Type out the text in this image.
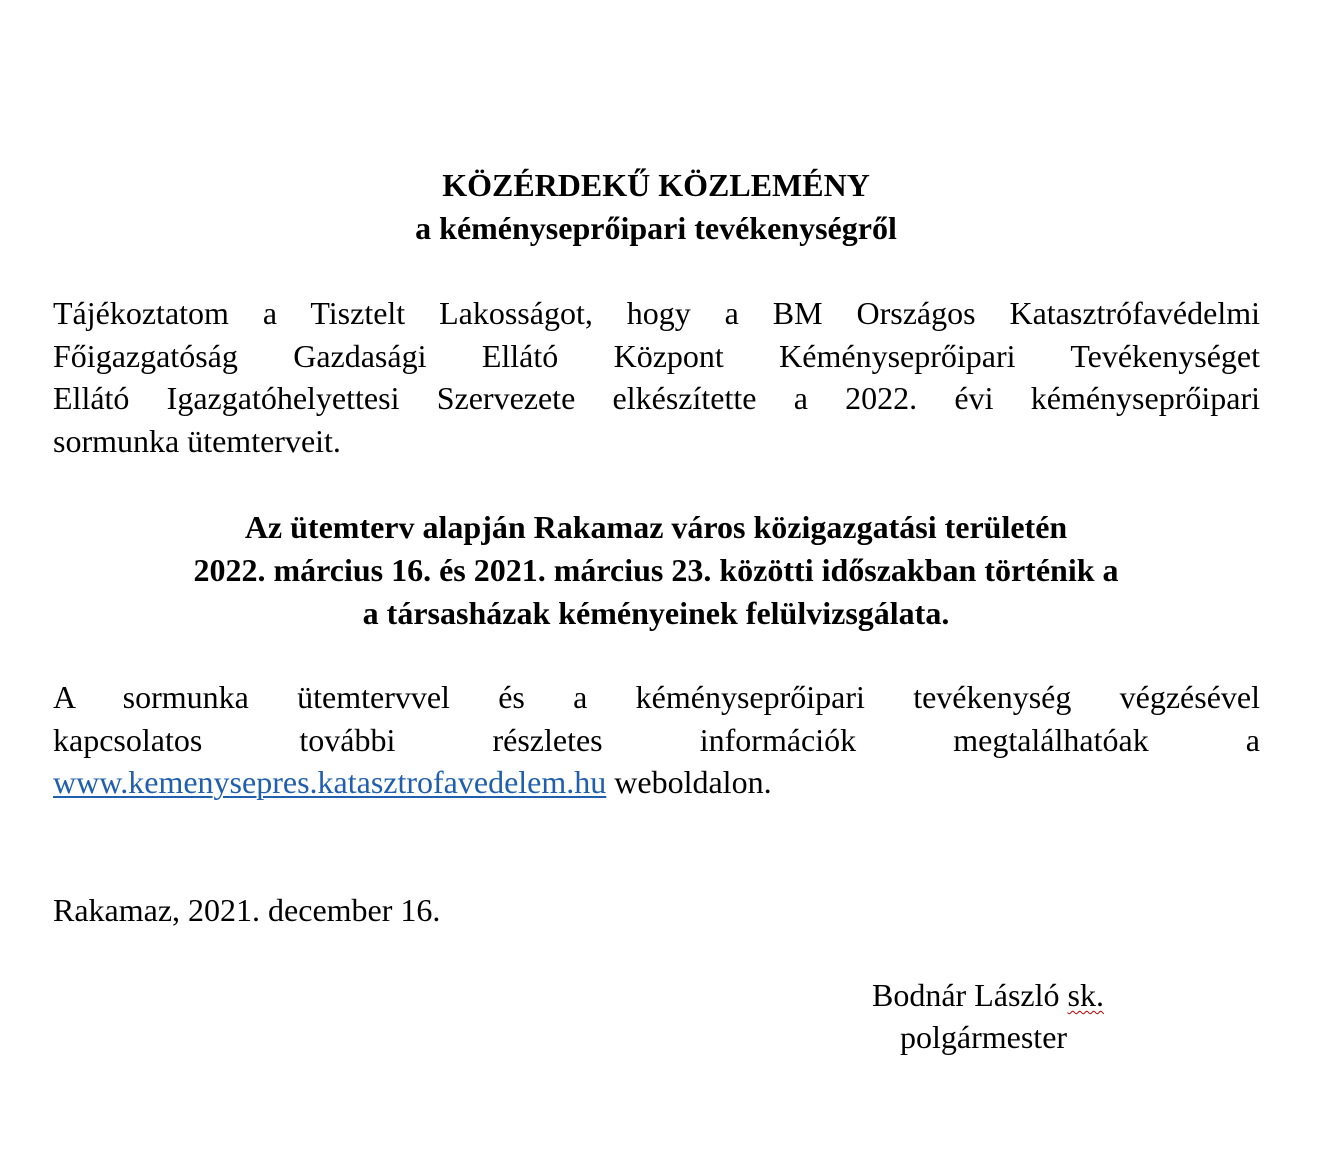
KÖZÉRDEKŰ KÖZLEMÉNY
a kéményseprőipari tevékenységről
Tájékoztatom a Tisztelt Lakosságot, hogy a BM Országos Katasztrófavédelmi
Főigazgatóság Gazdasági Ellátó Központ Kéményseprőipari Tevékenységet
Ellátó Igazgatóhelyettesi Szervezete elkészítette a 2022. évi kéményseprőipari
sormunka ütemterveit.
Az ütemterv alapján Rakamaz város közigazgatási területén
2022. március 16. és 2021. március 23. közötti időszakban történik a
a társasházak kéményeinek felülvizsgálata.
A sormunka ütemtervvel és a kéményseprőipari tevékenység végzésével
kapcsolatos további részletes információk megtalálhatóak a
www.kemenysepres.katasztrofavedelem.hu weboldalon.
Rakamaz, 2021. december 16.
Bodnár László sk.
polgármester
